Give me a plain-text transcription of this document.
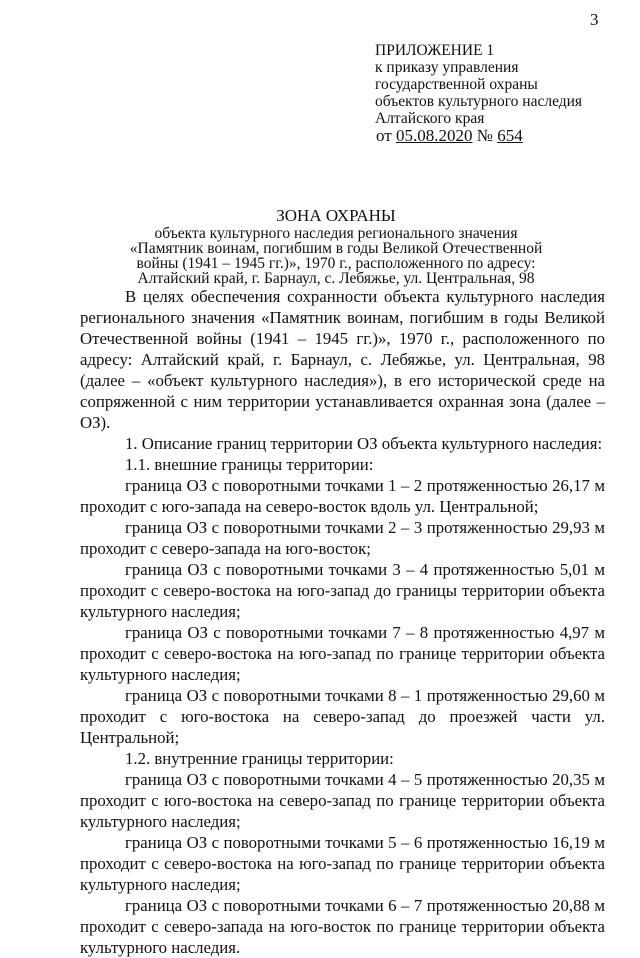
3
ПРИЛОЖЕНИЕ 1
к приказу управления
государственной охраны
объектов культурного наследия
Алтайского края
от 05.08.2020 № 654
ЗОНА ОХРАНЫ
объекта культурного наследия регионального значения
«Памятник воинам, погибшим в годы Великой Отечественной
войны (1941 – 1945 гг.)», 1970 г., расположенного по адресу:
Алтайский край, г. Барнаул, с. Лебяжье, ул. Центральная, 98

В целях обеспечения сохранности объекта культурного наследия регионального значения «Памятник воинам, погибшим в годы Великой Отечественной войны (1941 – 1945 гг.)», 1970 г., расположенного по адресу: Алтайский край, г. Барнаул, с. Лебяжье, ул. Центральная, 98 (далее – «объект культурного наследия»), в его исторической среде на сопряженной с ним территории устанавливается охранная зона (далее – ОЗ).

1. Описание границ территории ОЗ объекта культурного наследия:

1.1. внешние границы территории:

граница ОЗ с поворотными точками 1 – 2 протяженностью 26,17 м проходит с юго-запада на северо-восток вдоль ул. Центральной;

граница ОЗ с поворотными точками 2 – 3 протяженностью 29,93 м проходит с северо-запада на юго-восток;

граница ОЗ с поворотными точками 3 – 4 протяженностью 5,01 м проходит с северо-востока на юго-запад до границы территории объекта культурного наследия;

граница ОЗ с поворотными точками 7 – 8 протяженностью 4,97 м проходит с северо-востока на юго-запад по границе территории объекта культурного наследия;

граница ОЗ с поворотными точками 8 – 1 протяженностью 29,60 м проходит с юго-востока на северо-запад до проезжей части ул. Центральной;

1.2. внутренние границы территории:

граница ОЗ с поворотными точками 4 – 5 протяженностью 20,35 м проходит с юго-востока на северо-запад по границе территории объекта культурного наследия;

граница ОЗ с поворотными точками 5 – 6 протяженностью 16,19 м проходит с северо-востока на юго-запад по границе территории объекта культурного наследия;

граница ОЗ с поворотными точками 6 – 7 протяженностью 20,88 м проходит с северо-запада на юго-восток по границе территории объекта культурного наследия.
